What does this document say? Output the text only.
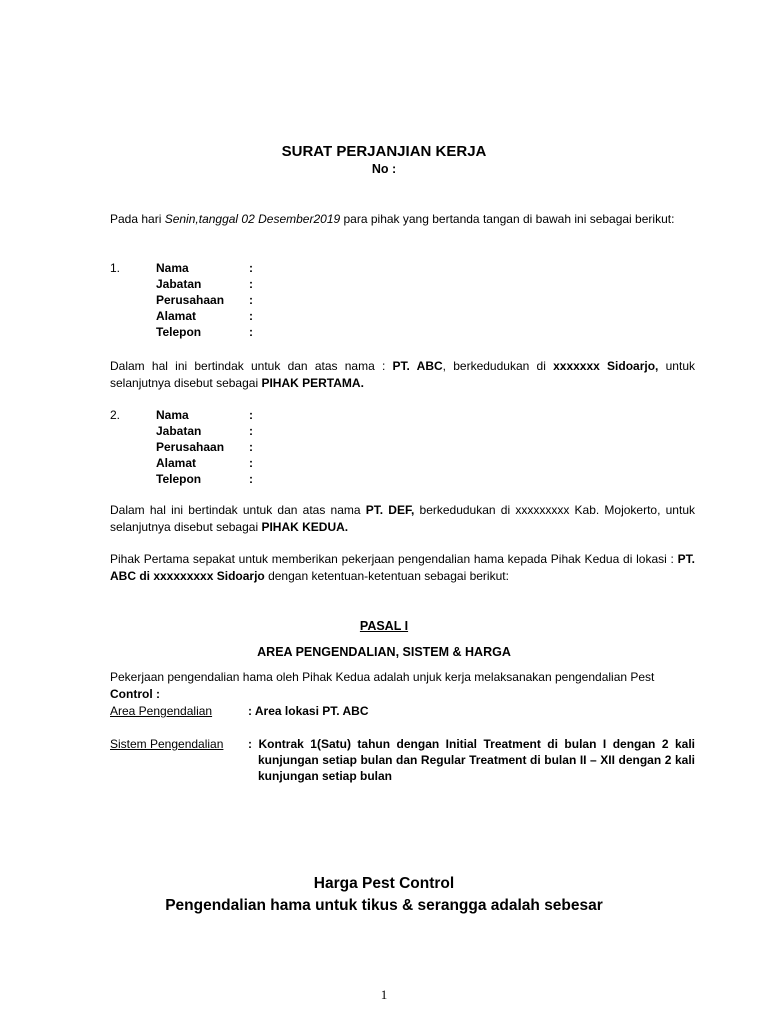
SURAT PERJANJIAN KERJA
No :
Pada hari Senin,tanggal 02 Desember2019 para pihak yang bertanda tangan di bawah ini sebagai berikut:
1.	Nama	:
Jabatan	:
Perusahaan :
Alamat	:
Telepon	:
Dalam hal ini bertindak untuk dan atas nama : PT. ABC, berkedudukan di xxxxxxx Sidoarjo, untuk selanjutnya disebut sebagai PIHAK PERTAMA.
2.	Nama	:
Jabatan	:
Perusahaan :
Alamat	:
Telepon	:
Dalam hal ini bertindak untuk dan atas nama PT. DEF, berkedudukan di xxxxxxxxx Kab. Mojokerto, untuk selanjutnya disebut sebagai PIHAK KEDUA.
Pihak Pertama sepakat untuk memberikan pekerjaan pengendalian hama kepada Pihak Kedua di lokasi : PT. ABC di xxxxxxxxx Sidoarjo dengan ketentuan-ketentuan sebagai berikut:
PASAL I
AREA PENGENDALIAN, SISTEM & HARGA
Pekerjaan pengendalian hama oleh Pihak Kedua adalah unjuk kerja melaksanakan pengendalian Pest
Control :
Area Pengendalian	: Area lokasi PT. ABC
Sistem Pengendalian : Kontrak 1(Satu) tahun dengan Initial Treatment di bulan I dengan 2 kali kunjungan setiap bulan dan Regular Treatment di bulan II – XII dengan 2 kali kunjungan setiap bulan
Harga Pest Control
Pengendalian hama untuk tikus & serangga adalah sebesar
1
